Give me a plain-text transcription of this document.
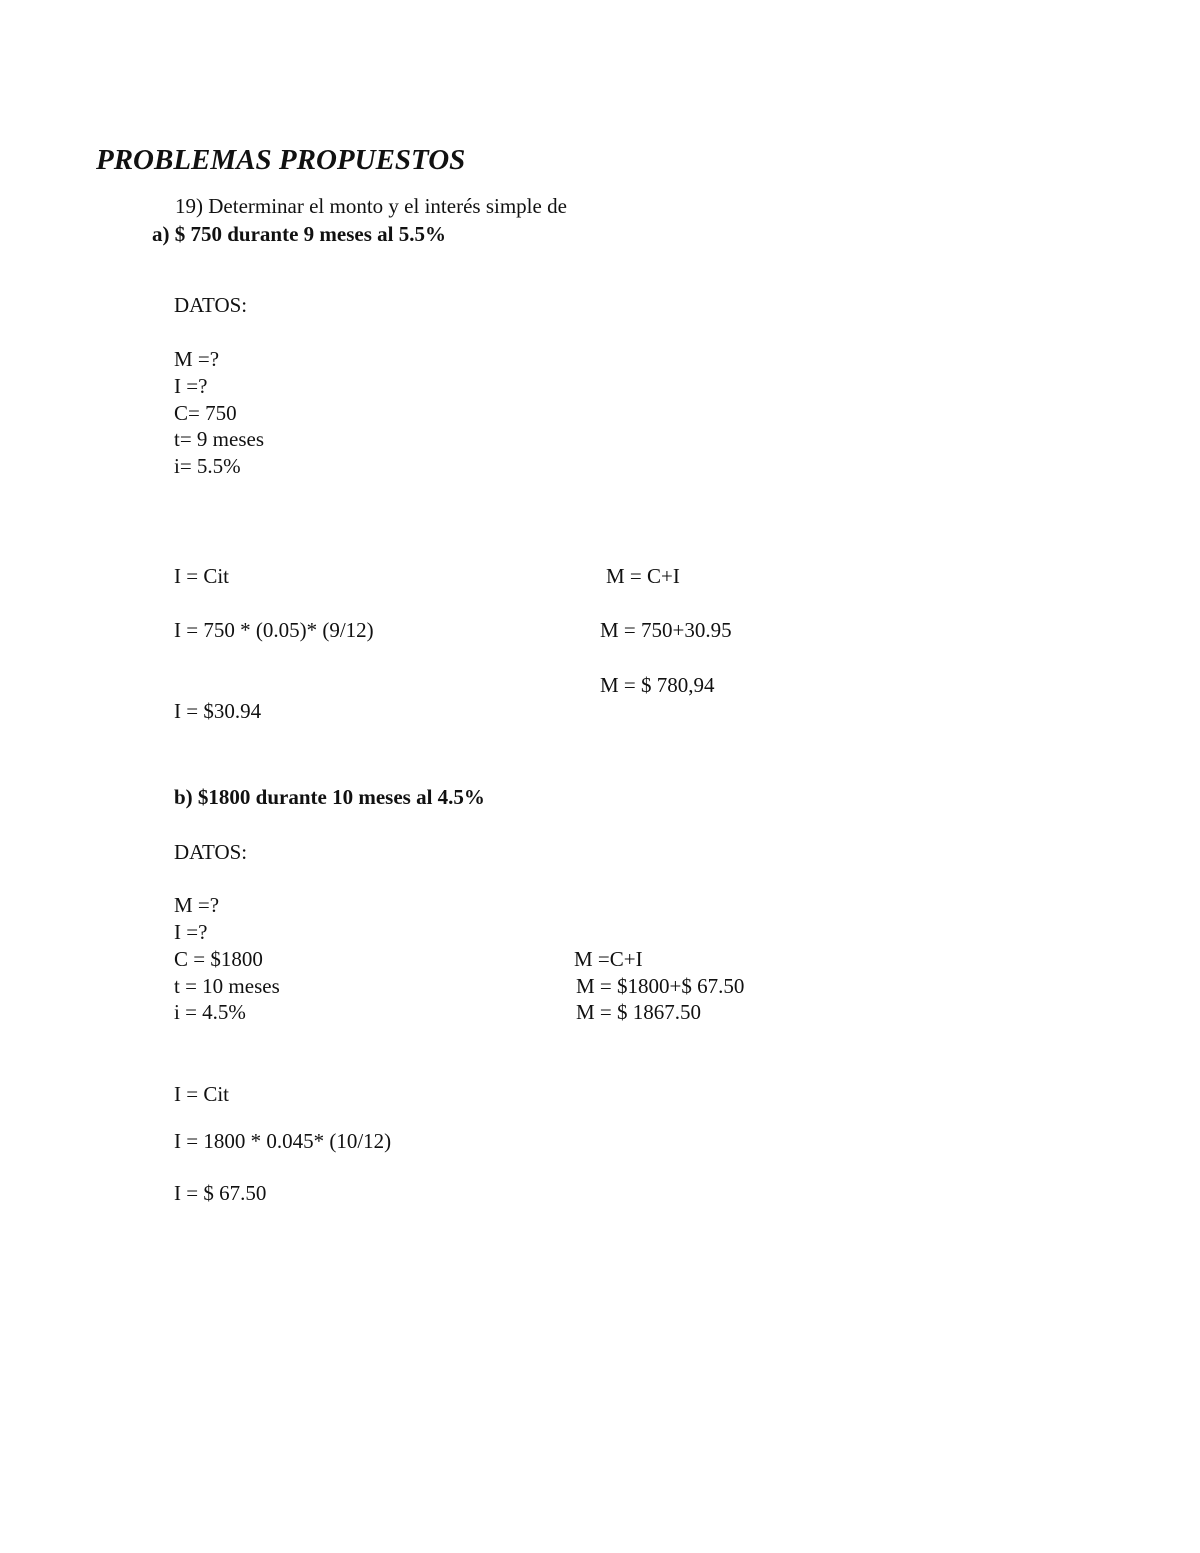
PROBLEMAS PROPUESTOS
19) Determinar el monto y el interés simple de
a) $ 750 durante 9 meses al 5.5%
DATOS:
M =?
I =?
C= 750
t= 9 meses
i= 5.5%
I = Cit
I = 750 * (0.05)* (9/12)
I = $30.94
M = C+I
M = 750+30.95
M = $ 780,94
b) $1800 durante 10 meses al 4.5%
DATOS:
M =?
I =?
C = $1800
t = 10 meses
i = 4.5%
M =C+I
M = $1800+$ 67.50
M = $ 1867.50
I = Cit
I = 1800 * 0.045* (10/12)
I = $ 67.50
